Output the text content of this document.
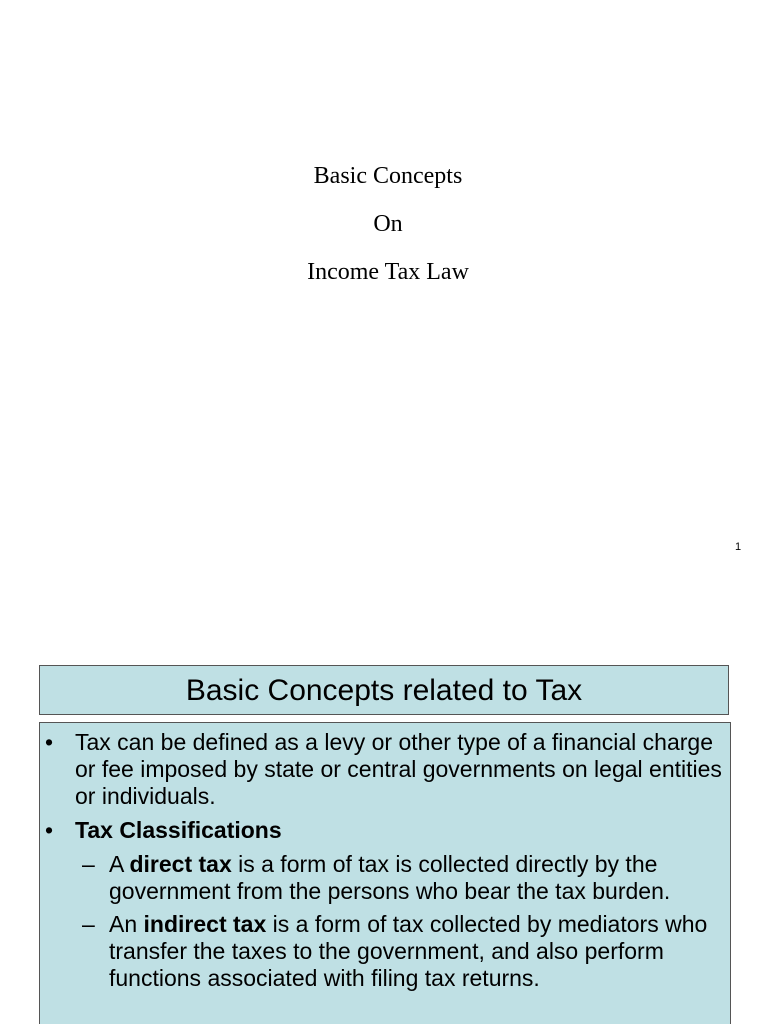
Basic Concepts
On
Income Tax Law
1
Basic Concepts related to Tax
• Tax can be defined as a levy or other type of a financial charge or fee imposed by state or central governments on legal entities or individuals.
• Tax Classifications
– A direct tax is a form of tax is collected directly by the government from the persons who bear the tax burden.
– An indirect tax is a form of tax collected by mediators who transfer the taxes to the government, and also perform functions associated with filing tax returns.
